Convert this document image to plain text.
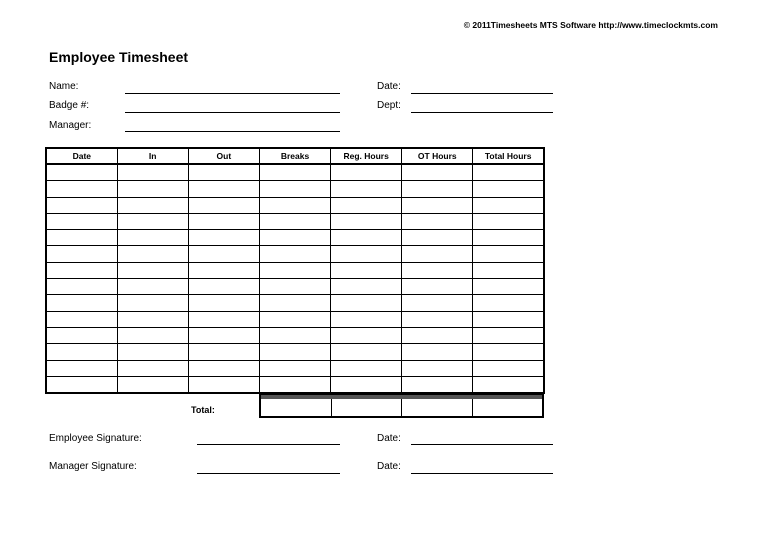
© 2011Timesheets MTS Software http://www.timeclockmts.com
Employee Timesheet
Name:
Badge #:
Manager:
Date:
Dept:
Date	In	Out	Breaks	Reg. Hours	OT Hours	Total Hours

Total:
Employee Signature:	Date:
Manager Signature:	Date:
